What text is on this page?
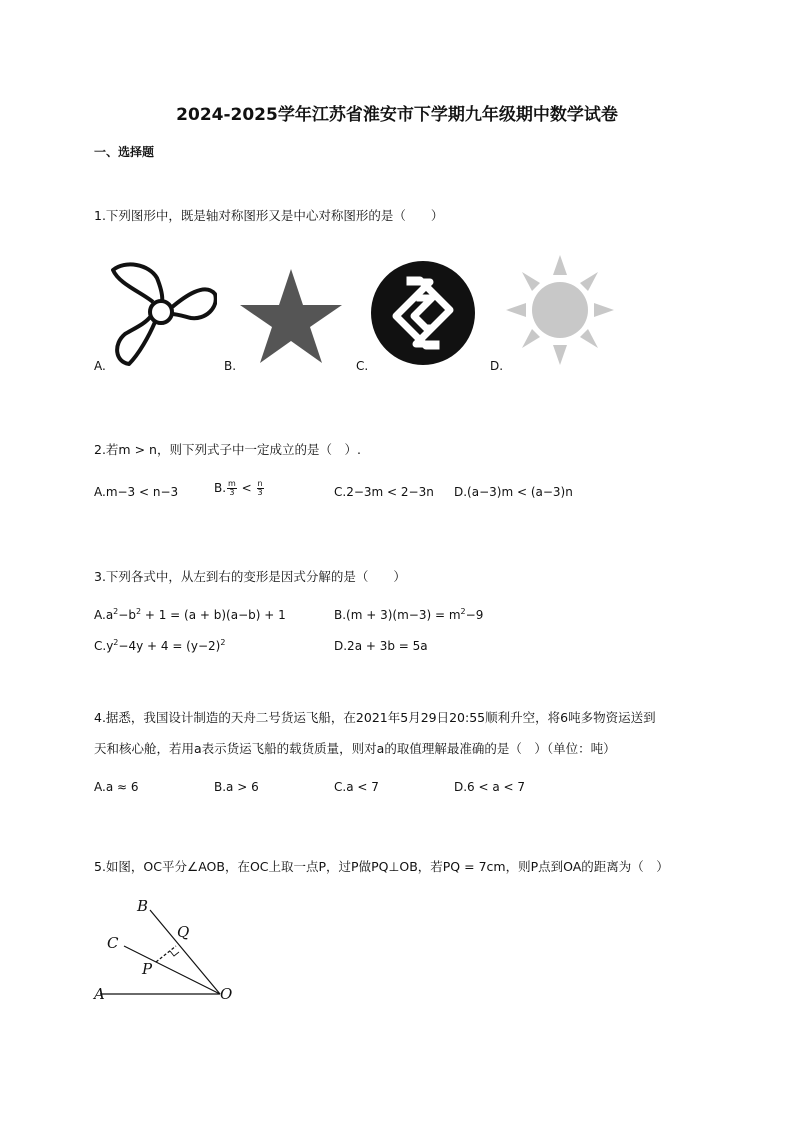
2024-2025学年江苏省淮安市下学期九年级期中数学试卷
一、选择题
1.下列图形中，既是轴对称图形又是中心对称图形的是（　　）
A.	B.	C.	D.
2.若m > n，则下列式子中一定成立的是（　）.
A.m−3 < n−3	B. $\frac{m}{3} < \frac{n}{3}$	C.2−3m < 2−3n D.(a−3)m < (a−3)n
3.下列各式中，从左到右的变形是因式分解的是（　　）
$A.a^2-b^2 + 1 = (a + b)(a-b) + 1$	$B.(m + 3)(m-3) = m^2-9$
$C.y^2-4y + 4 = (y-2)^2$	D.2a + 3b = 5a
4.据悉，我国设计制造的天舟二号货运飞船，在2021年5月29日20:55顺利升空，将6吨多物资运送到
天和核心舱，若用a表示货运飞船的载货质量，则对a的取值理解最准确的是（　）（单位：吨）
A.a ≈ 6	B.a > 6	C.a < 7	D.6 < a < 7
5.如图，OC平分∠AOB，在OC上取一点P，过P做PQ⊥OB，若PQ = 7cm，则P点到OA的距离为（　）
B
Q
C
P
A	O
